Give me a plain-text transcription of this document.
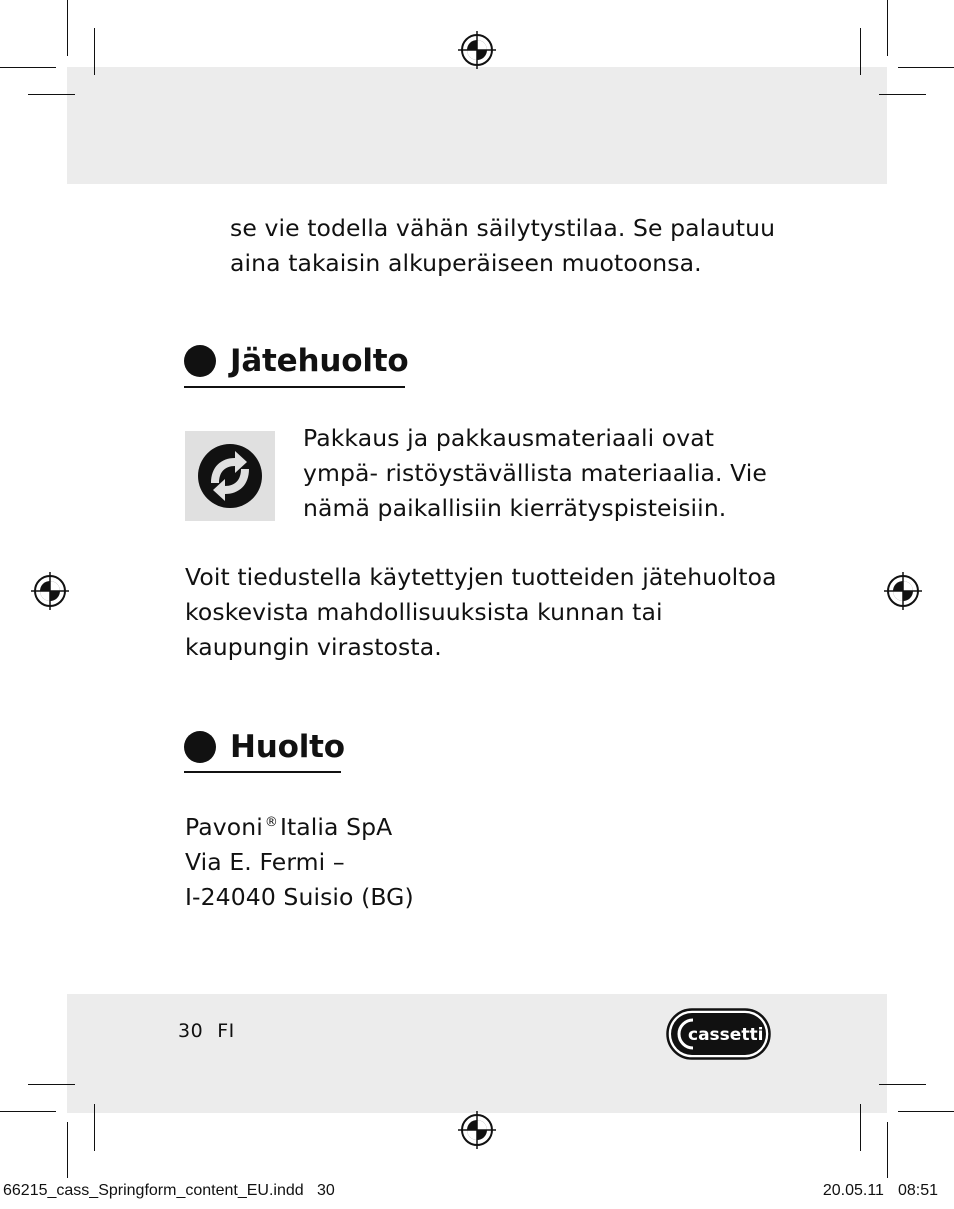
se vie todella vähän säilytystilaa. Se palautuu aina takaisin alkuperäiseen muotoonsa.
Jätehuolto
Pakkaus ja pakkausmateriaali ovat ympä- ristöystävällista materiaalia. Vie nämä paikallisiin kierrätyspisteisiin.
Voit tiedustella käytettyjen tuotteiden jätehuoltoa koskevista mahdollisuuksista kunnan tai kaupungin virastosta.
Huolto
Pavoni ®Italia SpA
Via E. Fermi –
I-24040 Suisio (BG)
30 FI	cassetti
66215_cass_Springform_content_EU.indd   30	20.05.11 08:51
